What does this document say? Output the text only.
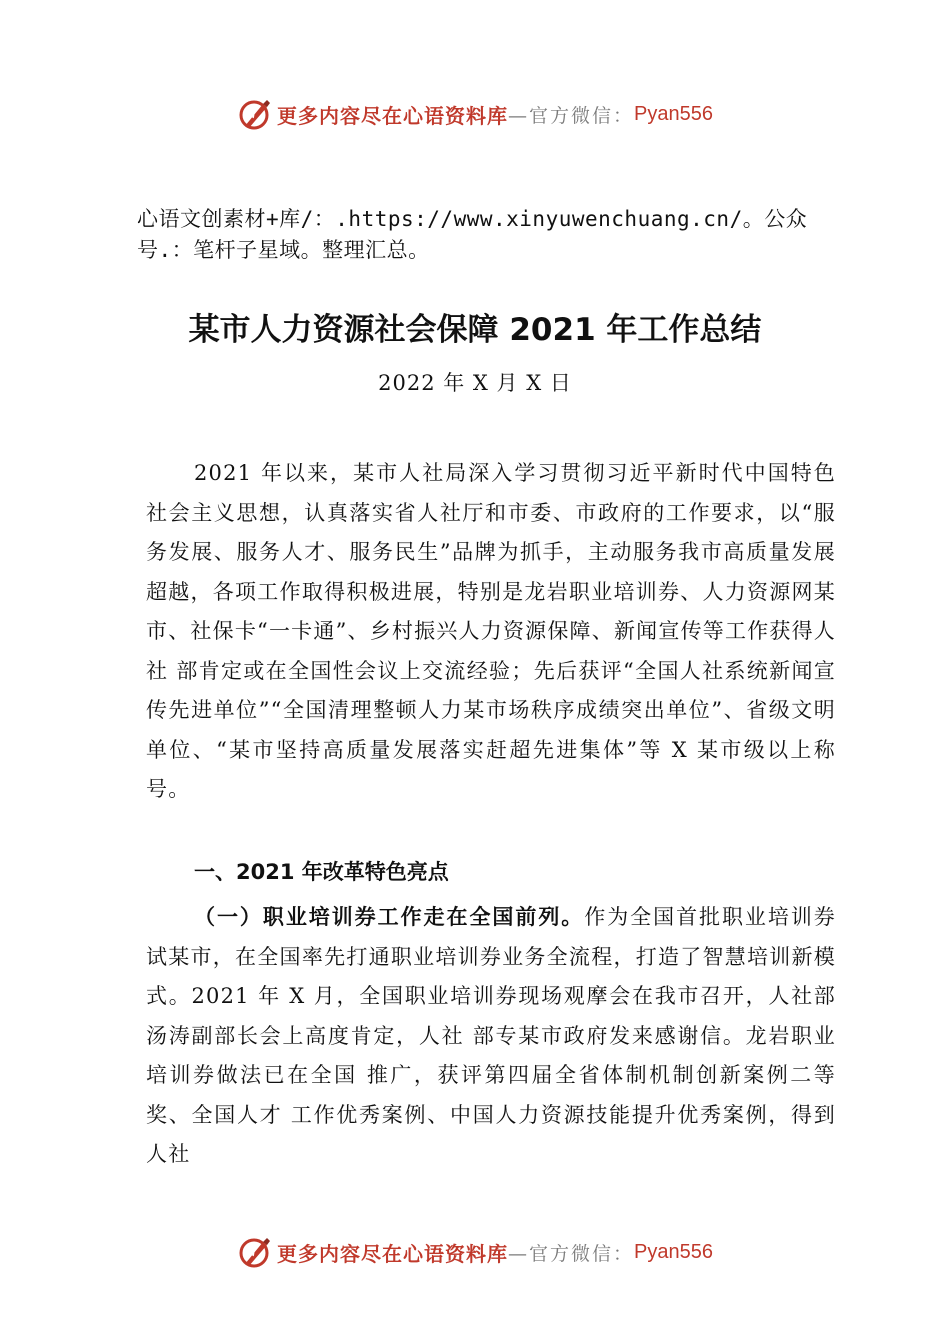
更多内容尽在心语资料库 —官方微信： Pyan556
心语文创素材+库/：.https://www.xinyuwenchuang.cn/。公众号.：笔杆子星域。整理汇总。
某市人力资源社会保障 2021 年工作总结
2022 年 X 月 X 日
2021 年以来，某市人社局深入学习贯彻习近平新时代中国特色社会主义思想，认真落实省人社厅和市委、市政府的工作要求，以“服务发展、服务人才、服务民生”品牌为抓手，主动服务我市高质量发展超越，各项工作取得积极进展，特别是龙岩职业培训券、人力资源网某市、社保卡“一卡通”、乡村振兴人力资源保障、新闻宣传等工作获得人社 部肯定或在全国性会议上交流经验；先后获评“全国人社系统新闻宣传先进单位”“全国清理整顿人力某市场秩序成绩突出单位”、省级文明单位、“某市坚持高质量发展落实赶超先进集体”等 X 某市级以上称号。
一、2021 年改革特色亮点
（一）职业培训券工作走在全国前列。作为全国首批职业培训券试某市，在全国率先打通职业培训券业务全流程，打造了智慧培训新模式。2021 年 X 月，全国职业培训券现场观摩会在我市召开，人社部汤涛副部长会上高度肯定，人社 部专某市政府发来感谢信。龙岩职业培训券做法已在全国 推广，获评第四届全省体制机制创新案例二等奖、全国人才 工作优秀案例、中国人力资源技能提升优秀案例，得到人社
更多内容尽在心语资料库 —官方微信： Pyan556
